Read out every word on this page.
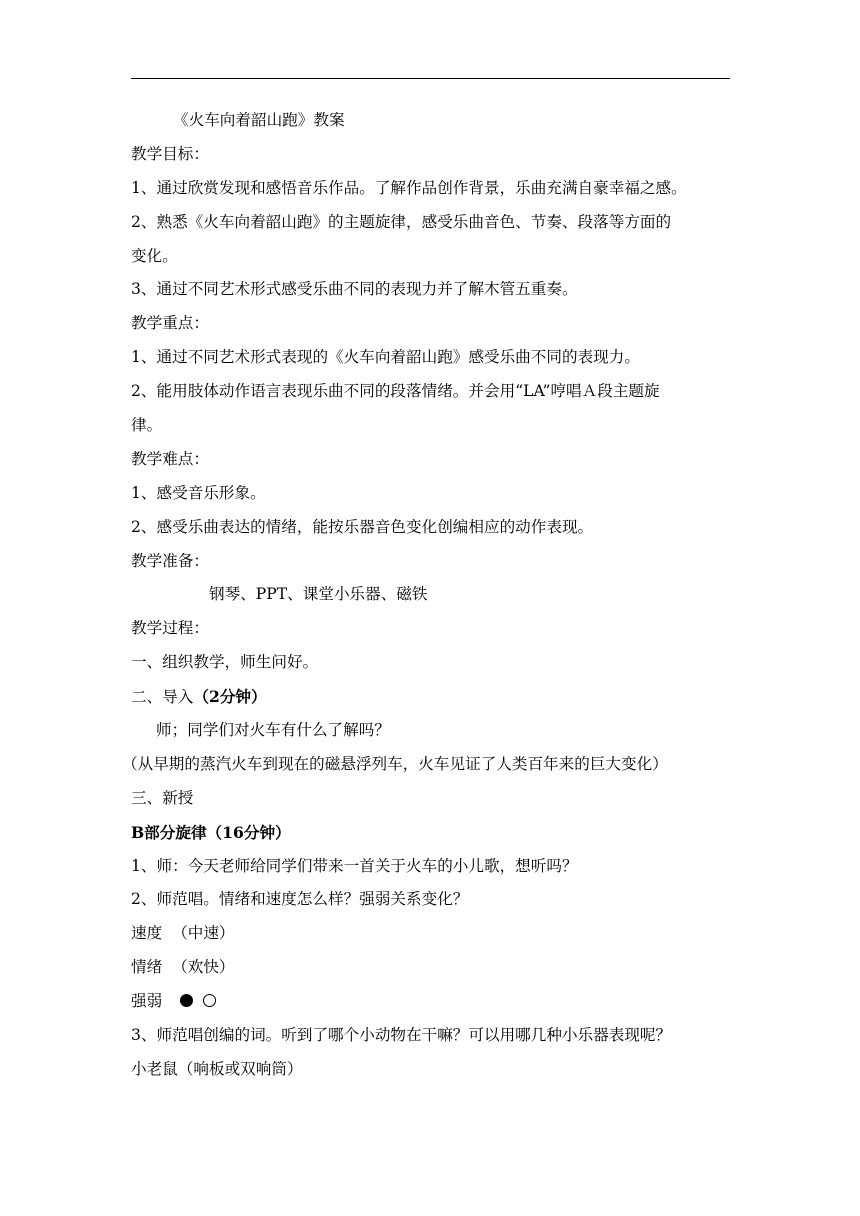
《火车向着韶山跑》教案
教学目标：
1、通过欣赏发现和感悟音乐作品。了解作品创作背景，乐曲充满自豪幸福之感。
2、熟悉《火车向着韶山跑》的主题旋律，感受乐曲音色、节奏、段落等方面的
变化。
3、通过不同艺术形式感受乐曲不同的表现力并了解木管五重奏。
教学重点：
1、通过不同艺术形式表现的《火车向着韶山跑》感受乐曲不同的表现力。
2、能用肢体动作语言表现乐曲不同的段落情绪。并会用“LA”哼唱Ａ段主题旋
律。
教学难点：
1、感受音乐形象。
2、感受乐曲表达的情绪，能按乐器音色变化创编相应的动作表现。
教学准备：
钢琴、PPT、课堂小乐器、磁铁
教学过程：
一、组织教学，师生问好。
二、导入（2分钟）
师；同学们对火车有什么了解吗？
（从早期的蒸汽火车到现在的磁悬浮列车，火车见证了人类百年来的巨大变化）
三、新授
B部分旋律（16分钟）
1、师：今天老师给同学们带来一首关于火车的小儿歌，想听吗？
2、师范唱。情绪和速度怎么样？强弱关系变化？
速度 （中速）
情绪 （欢快）
强弱
3、师范唱创编的词。听到了哪个小动物在干嘛？可以用哪几种小乐器表现呢？
小老鼠（响板或双响筒）
